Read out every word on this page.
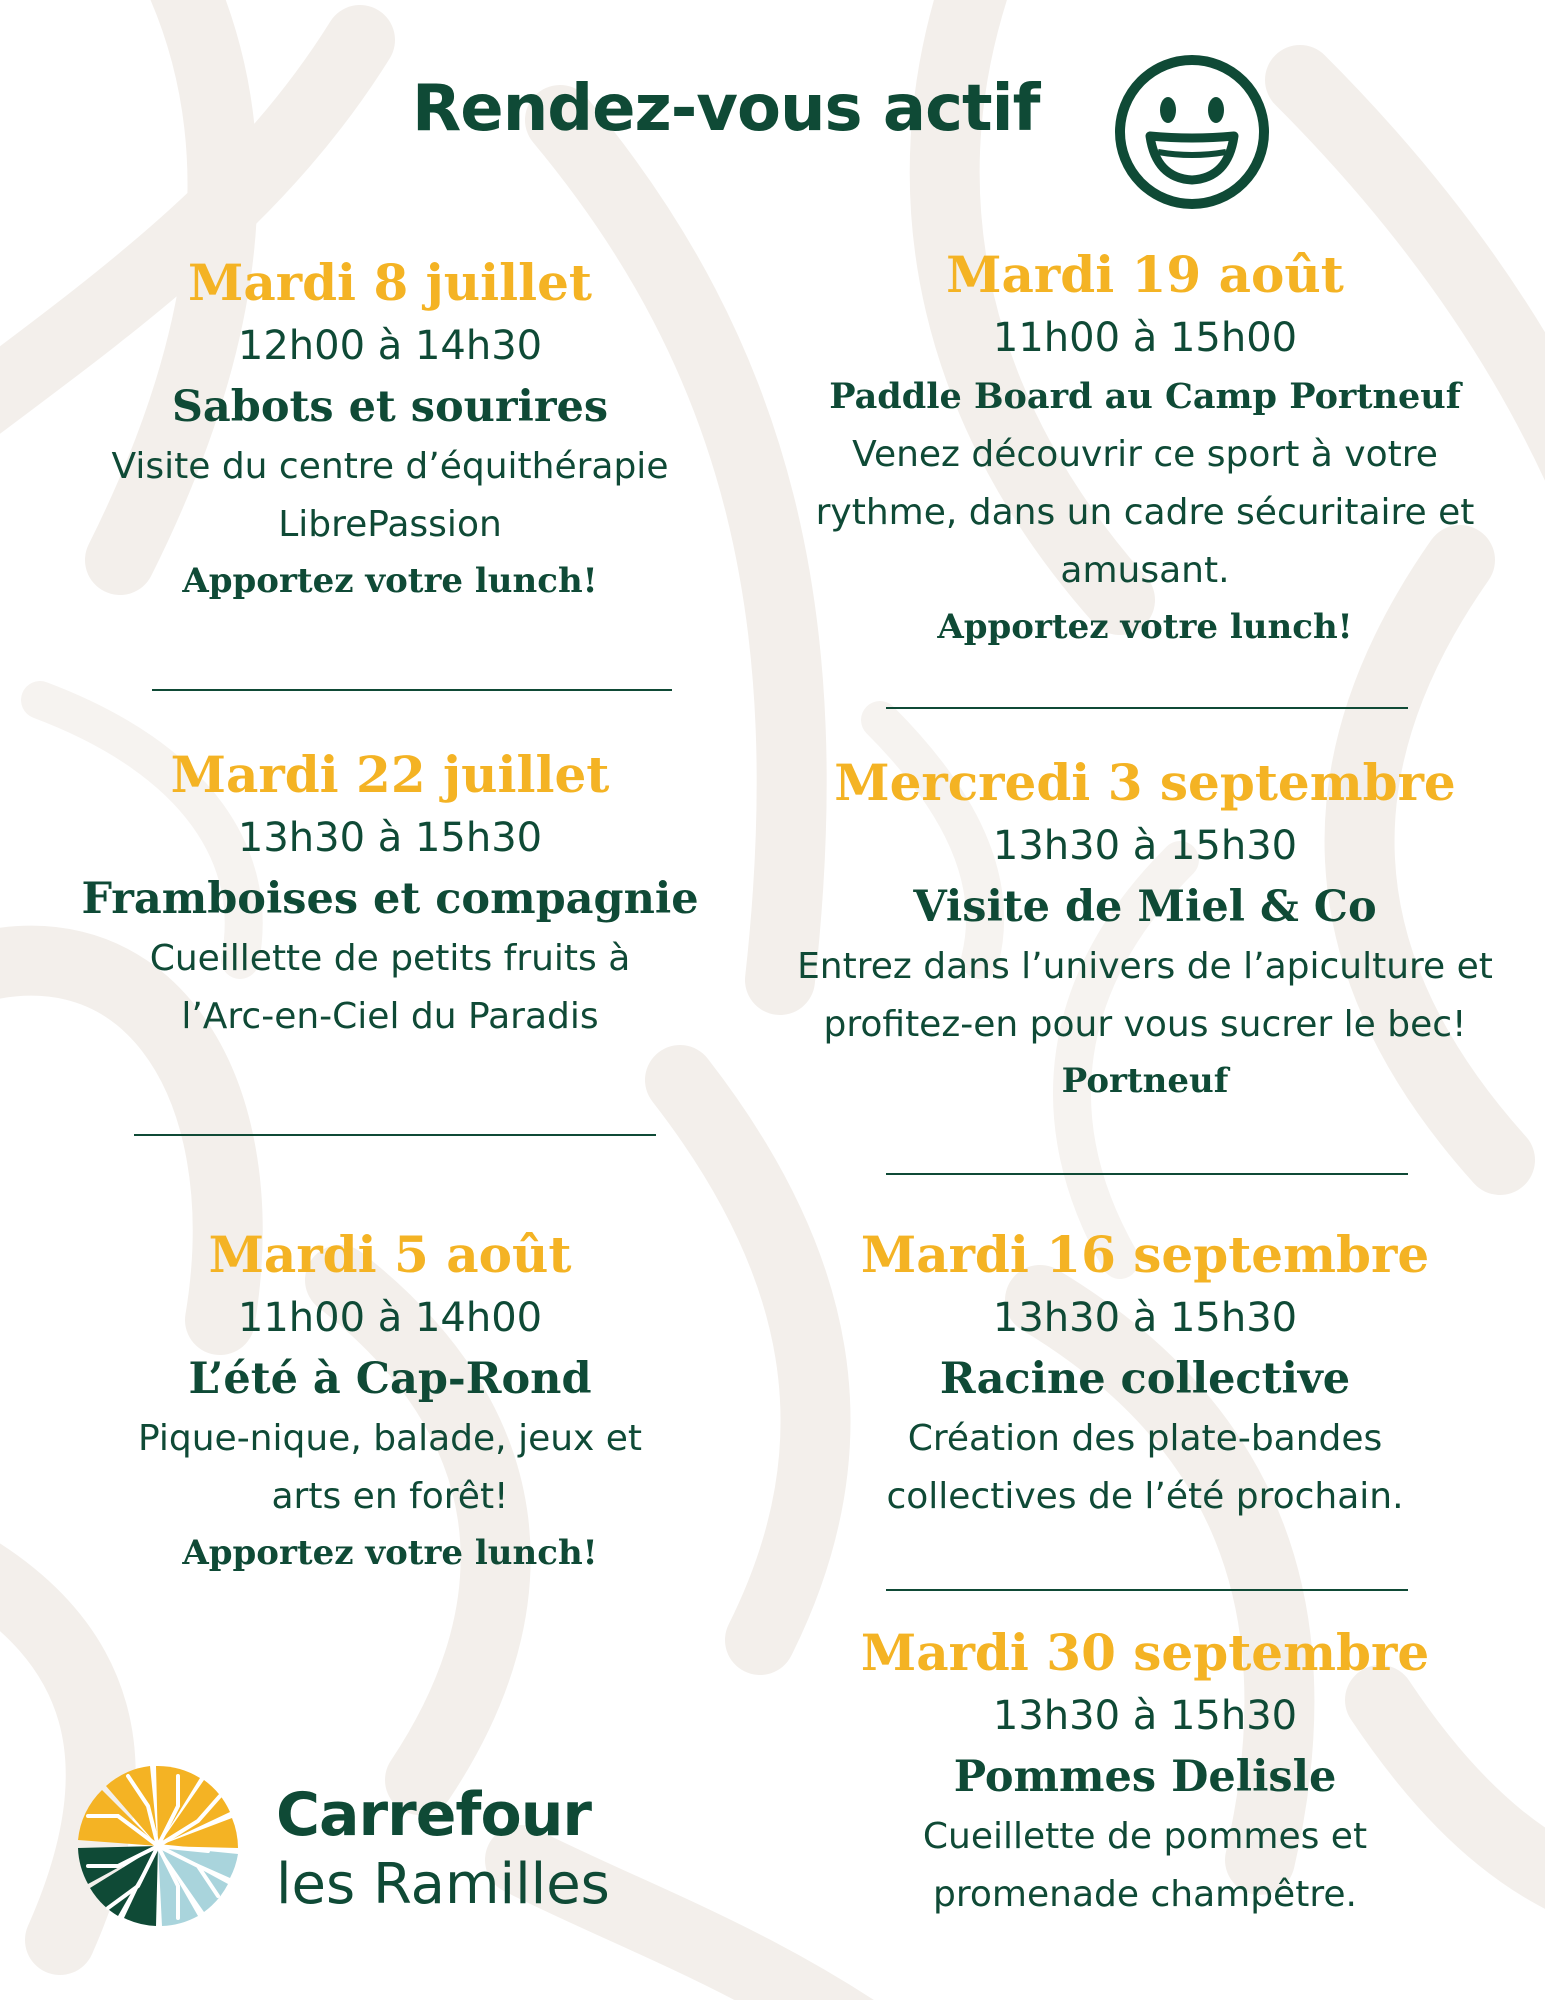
Rendez-vous actif
Mardi 8 juillet
12h00 à 14h30
Sabots et sourires
Visite du centre d’équithérapie LibrePassion
Apportez votre lunch!
Mardi 19 août
11h00 à 15h00
Paddle Board au Camp Portneuf
Venez découvrir ce sport à votre rythme, dans un cadre sécuritaire et amusant.
Apportez votre lunch!
Mardi 22 juillet
13h30 à 15h30
Framboises et compagnie
Cueillette de petits fruits à l’Arc-en-Ciel du Paradis
Mercredi 3 septembre
13h30 à 15h30
Visite de Miel & Co
Entrez dans l’univers de l’apiculture et profitez-en pour vous sucrer le bec!
Portneuf
Mardi 5 août
11h00 à 14h00
L’été à Cap-Rond
Pique-nique, balade, jeux et arts en forêt!
Apportez votre lunch!
Mardi 16 septembre
13h30 à 15h30
Racine collective
Création des plate-bandes collectives de l’été prochain.
Mardi 30 septembre
13h30 à 15h30
Pommes Delisle
Cueillette de pommes et promenade champêtre.
Carrefour
les Ramilles
